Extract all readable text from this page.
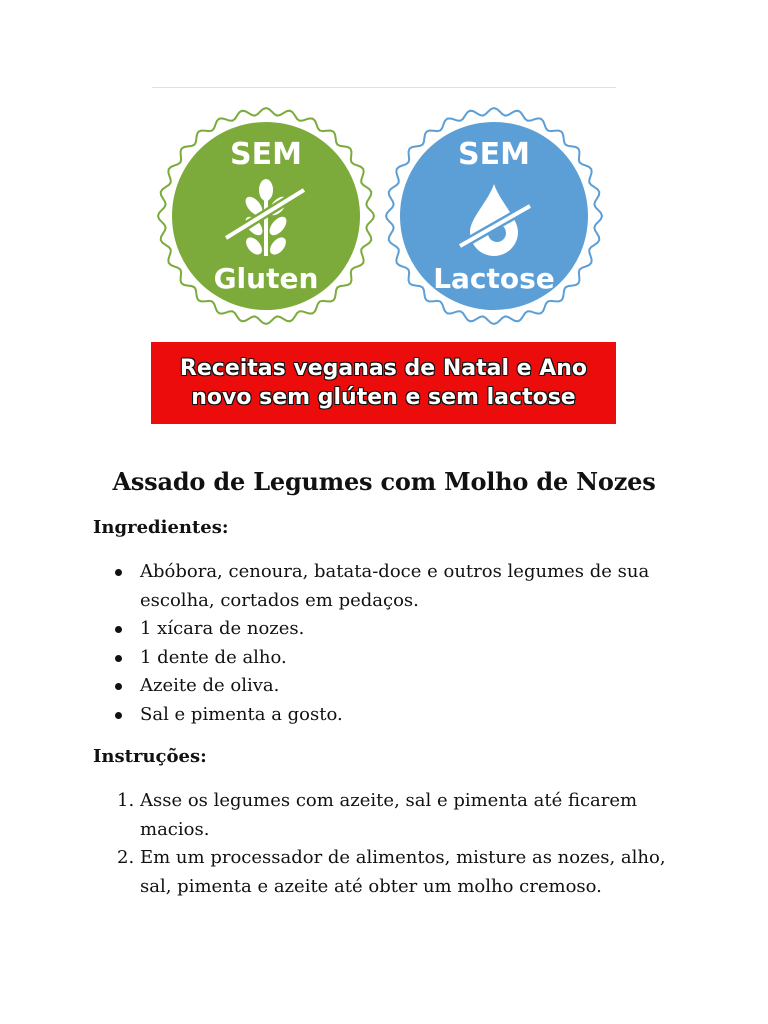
SEM
Gluten
SEM
Lactose
Receitas veganas de Natal e Ano
novo sem glúten e sem lactose
Assado de Legumes com Molho de Nozes
Ingredientes:
Abóbora, cenoura, batata-doce e outros legumes de sua escolha, cortados em pedaços.
1 xícara de nozes.
1 dente de alho.
Azeite de oliva.
Sal e pimenta a gosto.
Instruções:
1. Asse os legumes com azeite, sal e pimenta até ficarem macios.
2. Em um processador de alimentos, misture as nozes, alho, sal, pimenta e azeite até obter um molho cremoso.
